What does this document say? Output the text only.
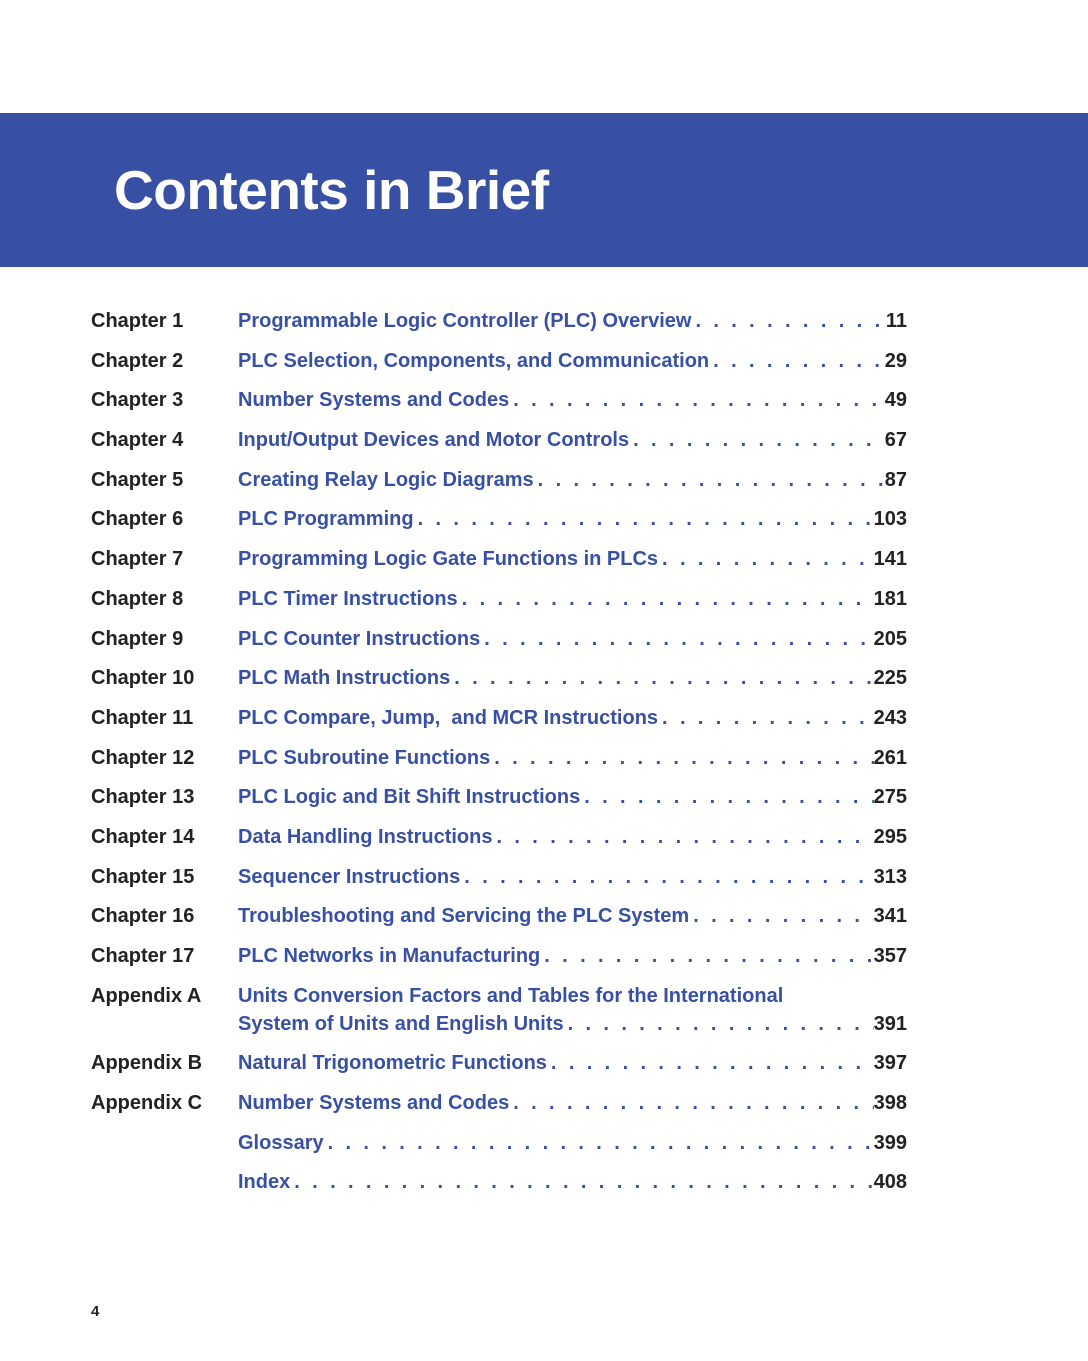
Contents in Brief
Chapter 1	Programmable Logic Controller (PLC) Overview . . .	11
Chapter 2	PLC Selection, Components, and Communication . . .	29
Chapter 3	Number Systems and Codes . . .	49
Chapter 4	Input/Output Devices and Motor Controls . . .	67
Chapter 5	Creating Relay Logic Diagrams . . .	87
Chapter 6	PLC Programming . . .	103
Chapter 7	Programming Logic Gate Functions in PLCs . . .	141
Chapter 8	PLC Timer Instructions . . .	181
Chapter 9	PLC Counter Instructions . . .	205
Chapter 10	PLC Math Instructions . . .	225
Chapter 11	PLC Compare, Jump,  and MCR Instructions . . .	243
Chapter 12	PLC Subroutine Functions . . .	261
Chapter 13	PLC Logic and Bit Shift Instructions . . .	275
Chapter 14	Data Handling Instructions . . .	295
Chapter 15	Sequencer Instructions . . .	313
Chapter 16	Troubleshooting and Servicing the PLC System . . .	341
Chapter 17	PLC Networks in Manufacturing . . .	357
Appendix A	Units Conversion Factors and Tables for the International
System of Units and English Units . . .	391
Appendix B	Natural Trigonometric Functions . . .	397
Appendix C	Number Systems and Codes . . .	398
Glossary . . .	399
Index . . .	408
4
